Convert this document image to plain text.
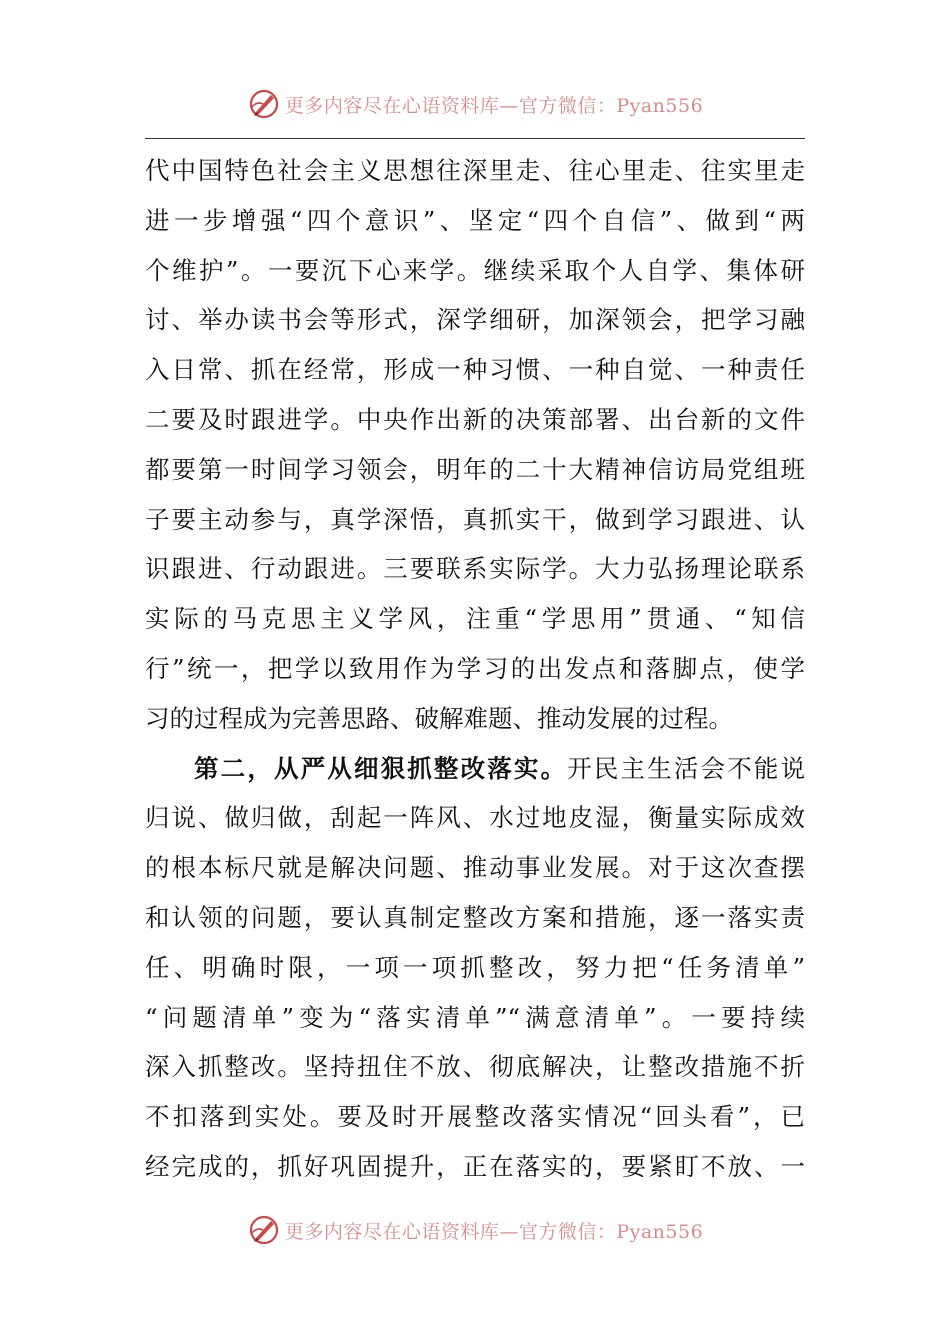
更多内容尽在心语资料库—官方微信：Pyan556
代中国特色社会主义思想往深里走、往心里走、往实里走
进一步增强“四个意识”、坚定“四个自信”、做到“两
个维护”。一要沉下心来学。继续采取个人自学、集体研
讨、举办读书会等形式，深学细研，加深领会，把学习融
入日常、抓在经常，形成一种习惯、一种自觉、一种责任
二要及时跟进学。中央作出新的决策部署、出台新的文件
都要第一时间学习领会，明年的二十大精神信访局党组班
子要主动参与，真学深悟，真抓实干，做到学习跟进、认
识跟进、行动跟进。三要联系实际学。大力弘扬理论联系
实际的马克思主义学风，注重“学思用”贯通、“知信
行”统一，把学以致用作为学习的出发点和落脚点，使学
习的过程成为完善思路、破解难题、推动发展的过程。
第二，从严从细狠抓整改落实。开民主生活会不能说
归说、做归做，刮起一阵风、水过地皮湿，衡量实际成效
的根本标尺就是解决问题、推动事业发展。对于这次查摆
和认领的问题，要认真制定整改方案和措施，逐一落实责
任、明确时限，一项一项抓整改，努力把“任务清单”
“问题清单”变为“落实清单”“满意清单”。一要持续
深入抓整改。坚持扭住不放、彻底解决，让整改措施不折
不扣落到实处。要及时开展整改落实情况“回头看”，已
经完成的，抓好巩固提升，正在落实的，要紧盯不放、一
更多内容尽在心语资料库—官方微信：Pyan556
